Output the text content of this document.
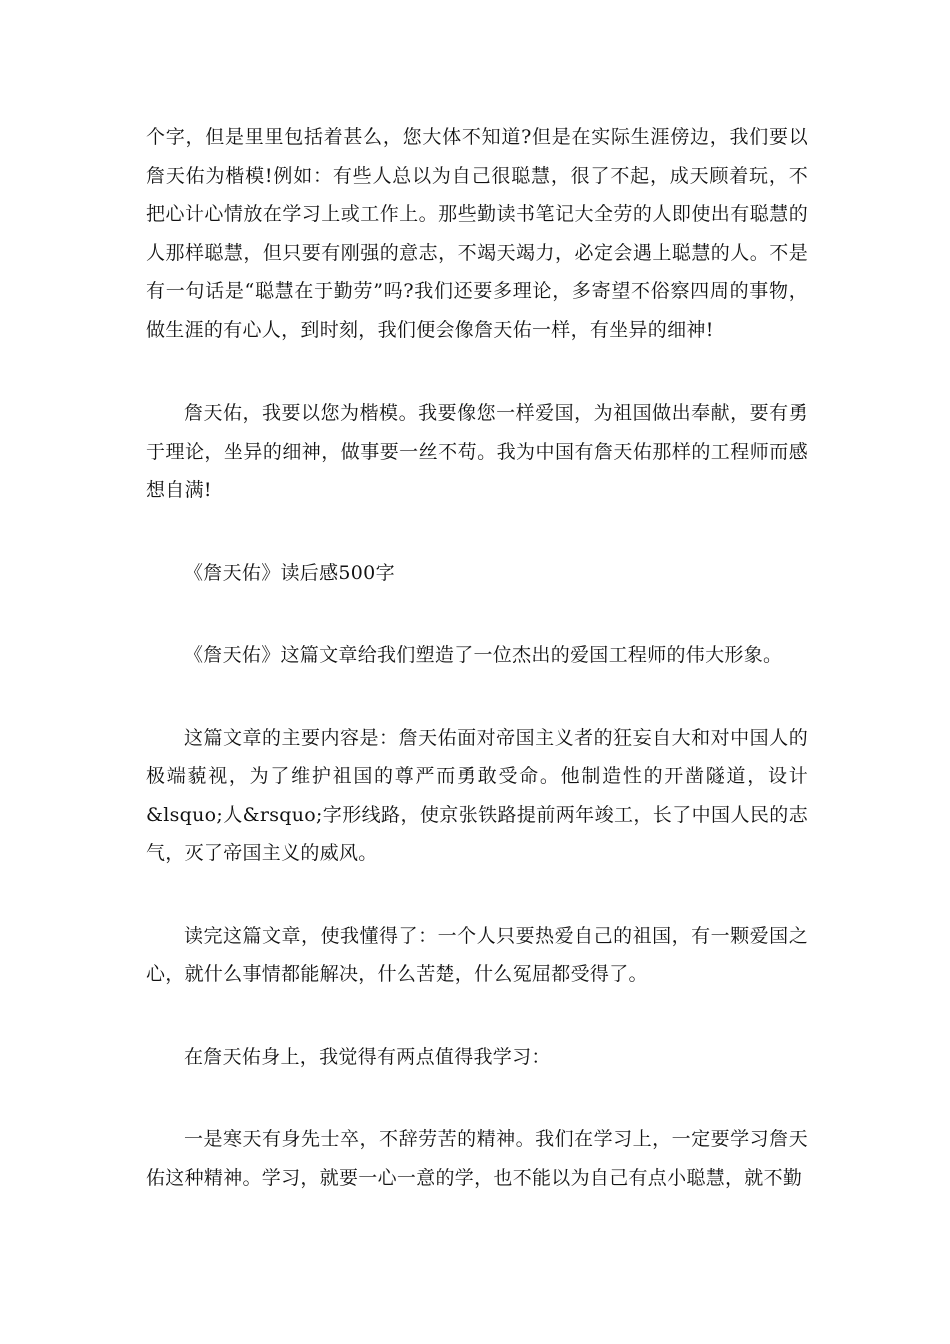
个字，但是里里包括着甚么，您大体不知道?但是在实际生涯傍边，我们要以詹天佑为楷模!例如：有些人总以为自己很聪慧，很了不起，成天顾着玩，不把心计心情放在学习上或工作上。那些勤读书笔记大全劳的人即使出有聪慧的人那样聪慧，但只要有刚强的意志，不竭天竭力，必定会遇上聪慧的人。不是有一句话是“聪慧在于勤劳”吗?我们还要多理论，多寄望不俗察四周的事物，做生涯的有心人，到时刻，我们便会像詹天佑一样，有坐异的细神!

詹天佑，我要以您为楷模。我要像您一样爱国，为祖国做出奉献，要有勇于理论，坐异的细神，做事要一丝不苟。我为中国有詹天佑那样的工程师而感想自满!

《詹天佑》读后感500字

《詹天佑》这篇文章给我们塑造了一位杰出的爱国工程师的伟大形象。

这篇文章的主要内容是：詹天佑面对帝国主义者的狂妄自大和对中国人的极端藐视，为了维护祖国的尊严而勇敢受命。他制造性的开凿隧道，设计&lsquo;人&rsquo;字形线路，使京张铁路提前两年竣工，长了中国人民的志气，灭了帝国主义的威风。

读完这篇文章，使我懂得了：一个人只要热爱自己的祖国，有一颗爱国之心，就什么事情都能解决，什么苦楚，什么冤屈都受得了。

在詹天佑身上，我觉得有两点值得我学习：

一是寒天有身先士卒，不辞劳苦的精神。我们在学习上，一定要学习詹天佑这种精神。学习，就要一心一意的学，也不能以为自己有点小聪慧，就不勤
